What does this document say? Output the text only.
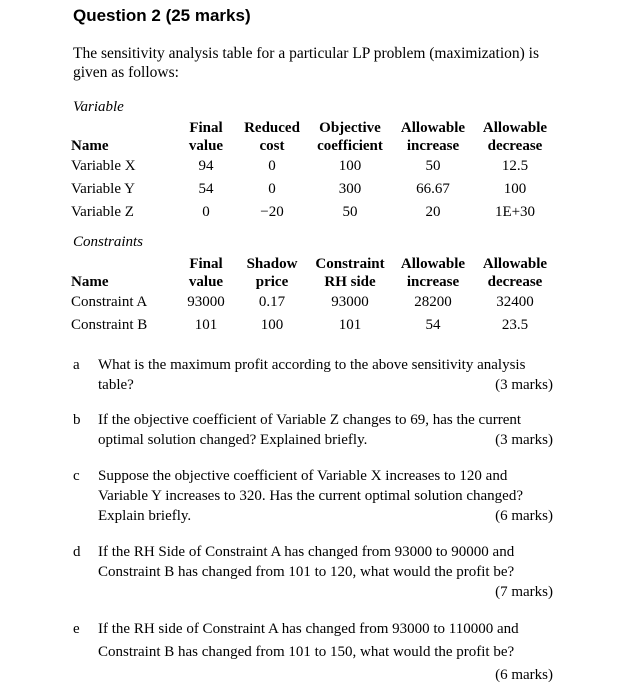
Question 2 (25 marks)
The sensitivity analysis table for a particular LP problem (maximization) is given as follows:
Variable
	Final	Reduced	Objective	Allowable	Allowable
Name	value	cost	coefficient	increase	decrease
Variable X	94	0	100	50	12.5
Variable Y	54	0	300	66.67	100
Variable Z	0	−20	50	20	1E+30
Constraints
	Final	Shadow	Constraint	Allowable	Allowable
Name	value	price	RH side	increase	decrease
Constraint A	93000	0.17	93000	28200	32400
Constraint B	101	100	101	54	23.5
a What is the maximum profit according to the above sensitivity analysis table?	(3 marks)
b If the objective coefficient of Variable Z changes to 69, has the current optimal solution changed? Explained briefly.	(3 marks)
c Suppose the objective coefficient of Variable X increases to 120 and Variable Y increases to 320. Has the current optimal solution changed? Explain briefly.	(6 marks)
d If the RH Side of Constraint A has changed from 93000 to 90000 and Constraint B has changed from 101 to 120, what would the profit be?
(7 marks)
e If the RH side of Constraint A has changed from 93000 to 110000 and Constraint B has changed from 101 to 150, what would the profit be?
(6 marks)
